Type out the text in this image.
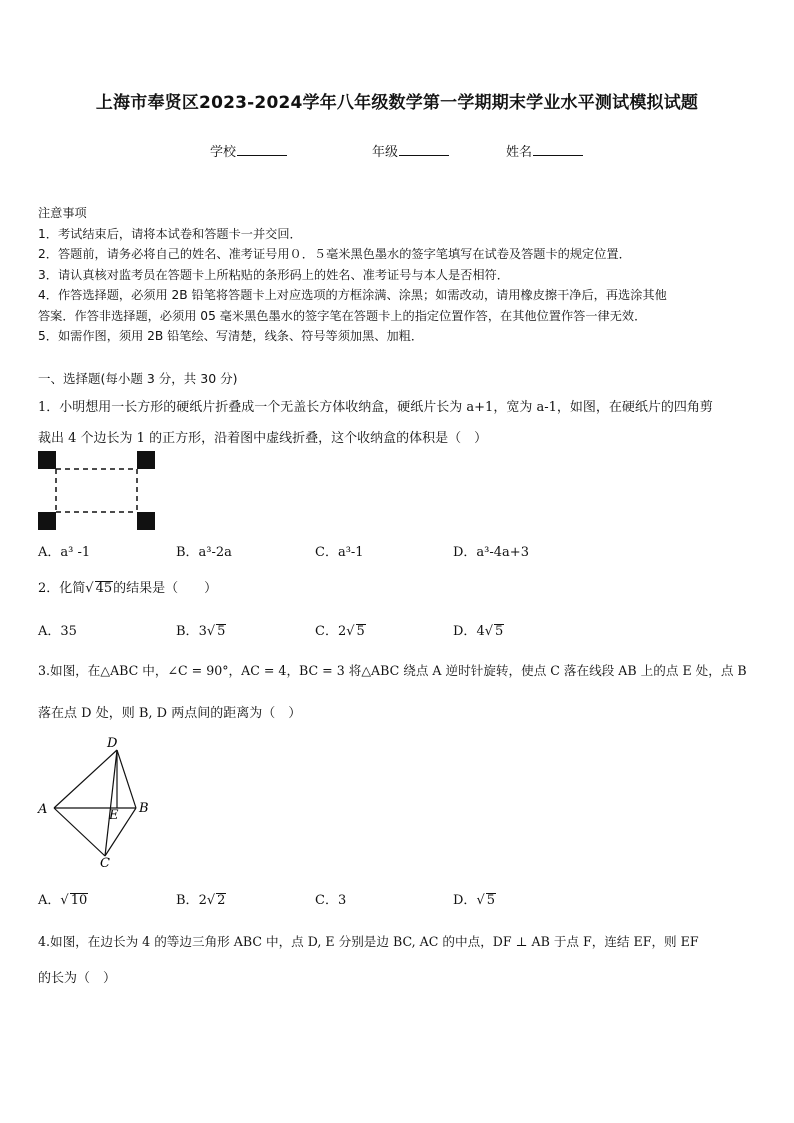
上海市奉贤区2023-2024学年八年级数学第一学期期末学业水平测试模拟试题
学校	年级	姓名
注意事项
1．考试结束后，请将本试卷和答题卡一并交回．
2．答题前，请务必将自己的姓名、准考证号用０．５毫米黑色墨水的签字笔填写在试卷及答题卡的规定位置．
3．请认真核对监考员在答题卡上所粘贴的条形码上的姓名、准考证号与本人是否相符．
4．作答选择题，必须用 2B 铅笔将答题卡上对应选项的方框涂满、涂黑；如需改动，请用橡皮擦干净后，再选涂其他
答案．作答非选择题，必须用 05 毫米黑色墨水的签字笔在答题卡上的指定位置作答，在其他位置作答一律无效．
5．如需作图，须用 2B 铅笔绘、写清楚，线条、符号等须加黑、加粗．
一、选择题(每小题 3 分，共 30 分)
1．小明想用一长方形的硬纸片折叠成一个无盖长方体收纳盒，硬纸片长为 a+1，宽为 a-1，如图，在硬纸片的四角剪
裁出 4 个边长为 1 的正方形，沿着图中虚线折叠，这个收纳盒的体积是（　）
A．a³ -1	B．a³-2a	C．a³-1	D．a³-4a+3
2．化简√ 45的结果是（　　）
A．35	B．3√ 5	C．2√ 5	D．4√ 5
3.如图，在△ABC 中，∠C = 90°，AC = 4，BC = 3 将△ABC 绕点 A 逆时针旋转，使点 C 落在线段 AB 上的点 E 处，点 B
落在点 D 处，则 B, D 两点间的距离为（　）
D
A	E B
C
A．√ 10	B．2√ 2	C．3	D．√ 5
4.如图，在边长为 4 的等边三角形 ABC 中，点 D, E 分别是边 BC, AC 的中点，DF ⊥ AB 于点 F，连结 EF，则 EF
的长为（　）
